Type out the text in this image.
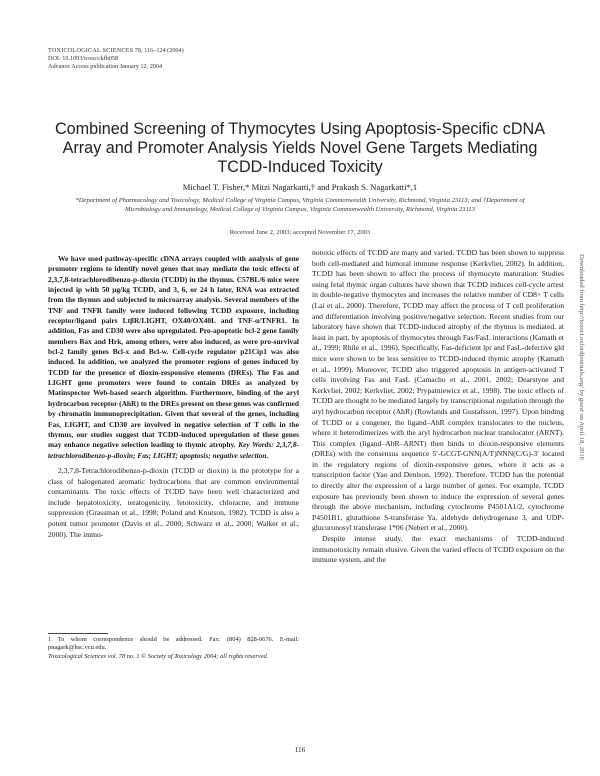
TOXICOLOGICAL SCIENCES 78, 116–124 (2004)
DOI: 10.1093/toxsci/kfh058
Advance Access publication January 12, 2004
Combined Screening of Thymocytes Using Apoptosis-Specific cDNA Array and Promoter Analysis Yields Novel Gene Targets Mediating TCDD-Induced Toxicity
Michael T. Fisher,* Mitzi Nagarkatti,† and Prakash S. Nagarkatti*,1
*Department of Pharmacology and Toxicology, Medical College of Virginia Campus, Virginia Commonwealth University, Richmond, Virginia 23113; and †Department of Microbiology and Immunology, Medical College of Virginia Campus, Virginia Commonwealth University, Richmond, Virginia 23113
Received June 2, 2003; accepted November 17, 2003
We have used pathway-specific cDNA arrays coupled with analysis of gene promoter regions to identify novel genes that may mediate the toxic effects of 2,3,7,8-tetrachlorodibenzo-p-dioxin (TCDD) in the thymus. C57BL/6 mice were injected ip with 50 µg/kg TCDD, and 3, 6, or 24 h later, RNA was extracted from the thymus and subjected to microarray analysis. Several members of the TNF and TNFR family were induced following TCDD exposure, including receptor/ligand pairs LtβR/LIGHT, OX40/OX40L and TNF-α/TNFR1. In addition, Fas and CD30 were also upregulated. Pro-apoptotic bcl-2 gene family members Bax and Hrk, among others, were also induced, as were pro-survival bcl-2 family genes Bcl-x and Bcl-w. Cell-cycle regulator p21Cip1 was also induced. In addition, we analyzed the promoter regions of genes induced by TCDD for the presence of dioxin-responsive elements (DREs). The Fas and LIGHT gene promoters were found to contain DREs as analyzed by Matinspector Web-based search algorithm. Furthermore, binding of the aryl hydrocarbon receptor (AhR) to the DREs present on these genes was confirmed by chromatin immunoprecipitation. Given that several of the genes, including Fas, LIGHT, and CD30 are involved in negative selection of T cells in the thymus, our studies suggest that TCDD-induced upregulation of these genes may enhance negative selection leading to thymic atrophy. Key Words: 2,3,7,8-tetrachlorodibenzo-p-dioxin; Fas; LIGHT; apoptosis; negative selection.
2,3,7,8-Tetrachlorodibenzo-p-dioxin (TCDD or dioxin) is the prototype for a class of halogenated aromatic hydrocarbons that are common environmental contaminants. The toxic effects of TCDD have been well characterized and include hepatotoxicity, teratogenicity, fetotoxicity, chloracne, and immune suppression (Grassman et al., 1998; Poland and Knutson, 1982). TCDD is also a potent tumor promoter (Davis et al., 2000; Schwarz et al., 2000; Walker et al., 2000). The immu-
1 To whom correspondence should be addressed. Fax: (804) 828-0676. E-mail: pnagark@hsc.vcu.edu.
Toxicological Sciences vol. 78 no. 1 © Society of Toxicology 2004; all rights reserved.

notoxic effects of TCDD are many and varied. TCDD has been shown to suppress both cell-mediated and humoral immune response (Kerkvliet, 2002). In addition, TCDD has been shown to affect the process of thymocyte maturation. Studies using fetal thymic organ cultures have shown that TCDD induces cell-cycle arrest in double-negative thymocytes and increases the relative number of CD8+ T cells (Lai et al., 2000). Therefore, TCDD may affect the process of T cell proliferation and differentiation involving positive/negative selection. Recent studies from our laboratory have shown that TCDD-induced atrophy of the thymus is mediated, at least in part, by apoptosis of thymocytes through Fas/FasL interactions (Kamath et al., 1999; Rhile et al., 1996). Specifically, Fas-deficient lpr and FasL-defective gld mice were shown to be less sensitive to TCDD-induced thymic atrophy (Kamath et al., 1999). Moreover, TCDD also triggered apoptosis in antigen-activated T cells involving Fas and FasL (Camacho et al., 2001, 2002; Dearstyne and Kerkvliet, 2002; Kerkvliet, 2002; Prypatniewicz et al., 1998). The toxic effects of TCDD are thought to be mediated largely by transcriptional regulation through the aryl hydrocarbon receptor (AhR) (Rowlands and Gustafsson, 1997). Upon binding of TCDD or a congener, the ligand–AhR complex translocates to the nucleus, where it heterodimerizes with the aryl hydrocarbon nuclear translocator (ARNT). This complex (ligand–AhR–ARNT) then binds to dioxin-responsive elements (DREs) with the consensus sequence 5′-GCGT-GNN(A/T)NNN(C/G)-3′ located in the regulatory regions of dioxin-responsive genes, where it acts as a transcription factor (Yao and Denison, 1992). Therefore, TCDD has the potential to directly alter the expression of a large number of genes. For example, TCDD exposure has previously been shown to induce the expression of several genes through the above mechanism, including cytochrome P4501A1/2, cytochrome P4501B1, glutathione S-transferase Ya, aldehyde dehydrogenase 3, and UDP-glucuronosyl transferase 1*06 (Nebert et al., 2000).

Despite intense study, the exact mechanisms of TCDD-induced immunotoxicity remain elusive. Given the varied effects of TCDD exposure on the immune system, and the

116
Downloaded from http://toxsci.oxfordjournals.org/ by guest on April 18, 2016
